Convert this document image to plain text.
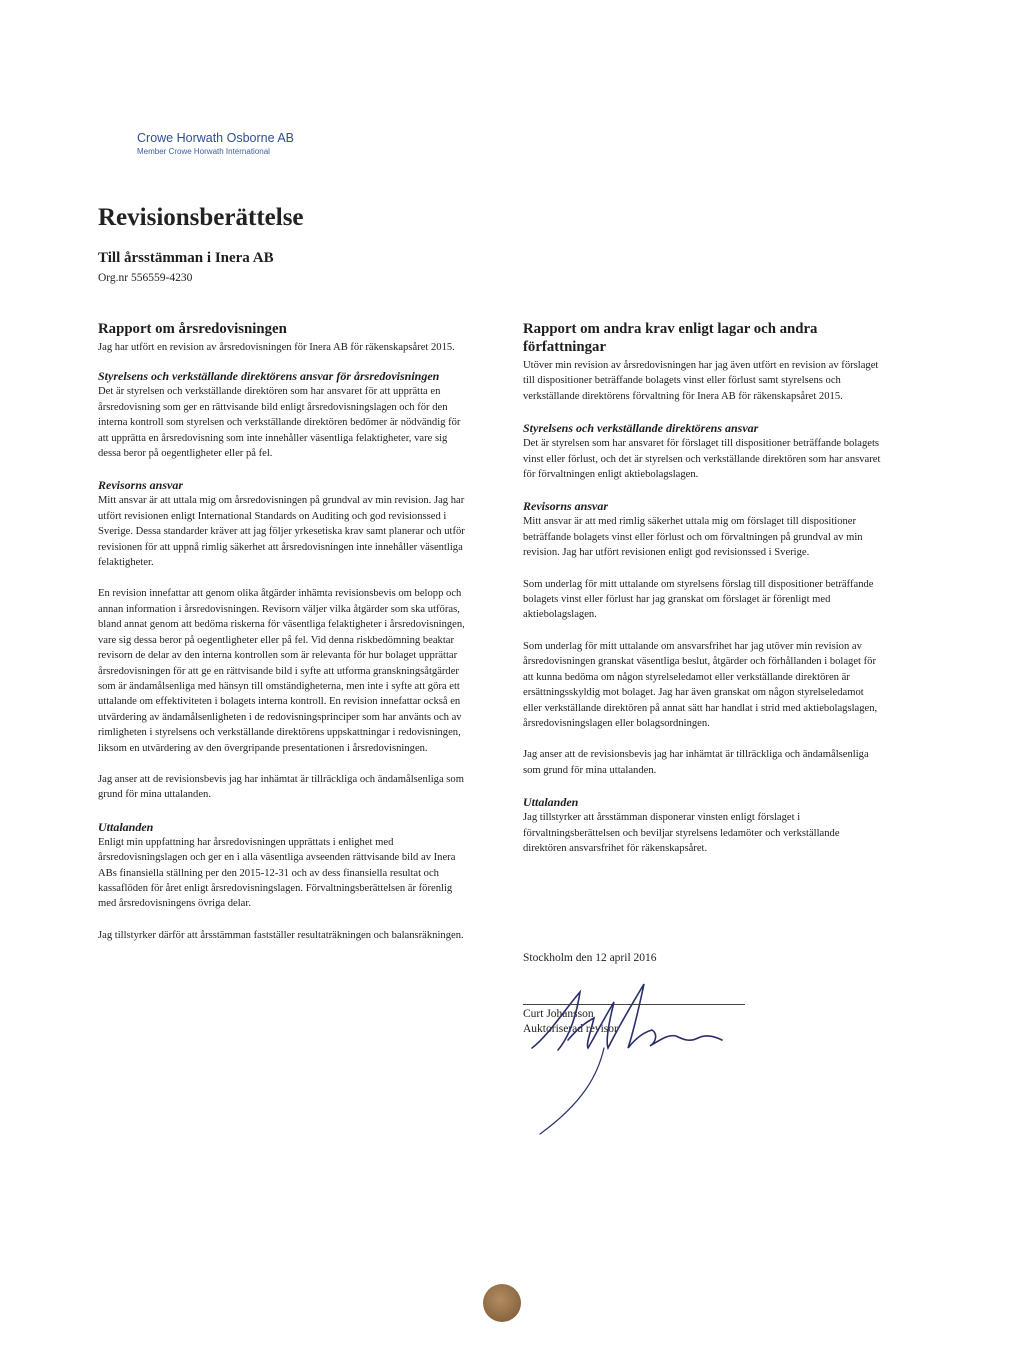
Crowe Horwath Osborne AB
Member Crowe Horwath International
Revisionsberättelse

Till årsstämman i Inera AB

Org.nr 556559-4230

Rapport om årsredovisningen

Jag har utfört en revision av årsredovisningen för Inera AB för räkenskapsåret 2015.

Styrelsens och verkställande direktörens ansvar för årsredovisningen

Det är styrelsen och verkställande direktören som har ansvaret för att upprätta en årsredovisning som ger en rättvisande bild enligt årsredovisningslagen och för den interna kontroll som styrelsen och verkställande direktören bedömer är nödvändig för att upprätta en årsredovisning som inte innehåller väsentliga felaktigheter, vare sig dessa beror på oegentligheter eller på fel.

Revisorns ansvar

Mitt ansvar är att uttala mig om årsredovisningen på grundval av min revision. Jag har utfört revisionen enligt International Standards on Auditing och god revisionssed i Sverige. Dessa standarder kräver att jag följer yrkesetiska krav samt planerar och utför revisionen för att uppnå rimlig säkerhet att årsredovisningen inte innehåller väsentliga felaktigheter.

En revision innefattar att genom olika åtgärder inhämta revisionsbevis om belopp och annan information i årsredovisningen. Revisorn väljer vilka åtgärder som ska utföras, bland annat genom att bedöma riskerna för väsentliga felaktigheter i årsredovisningen, vare sig dessa beror på oegentligheter eller på fel. Vid denna riskbedömning beaktar revisorn de delar av den interna kontrollen som är relevanta för hur bolaget upprättar årsredovisningen för att ge en rättvisande bild i syfte att utforma granskningsåtgärder som är ändamålsenliga med hänsyn till omständigheterna, men inte i syfte att göra ett uttalande om effektiviteten i bolagets interna kontroll. En revision innefattar också en utvärdering av ändamålsenligheten i de redovisningsprinciper som har använts och av rimligheten i styrelsens och verkställande direktörens uppskattningar i redovisningen, liksom en utvärdering av den övergripande presentationen i årsredovisningen.

Jag anser att de revisionsbevis jag har inhämtat är tillräckliga och ändamålsenliga som grund för mina uttalanden.

Uttalanden

Enligt min uppfattning har årsredovisningen upprättats i enlighet med årsredovisningslagen och ger en i alla väsentliga avseenden rättvisande bild av Inera ABs finansiella ställning per den 2015-12-31 och av dess finansiella resultat och kassaflöden för året enligt årsredovisningslagen. Förvaltningsberättelsen är förenlig med årsredovisningens övriga delar.

Jag tillstyrker därför att årsstämman fastställer resultaträkningen och balansräkningen.

Rapport om andra krav enligt lagar och andra författningar

Utöver min revision av årsredovisningen har jag även utfört en revision av förslaget till dispositioner beträffande bolagets vinst eller förlust samt styrelsens och verkställande direktörens förvaltning för Inera AB för räkenskapsåret 2015.

Styrelsens och verkställande direktörens ansvar

Det är styrelsen som har ansvaret för förslaget till dispositioner beträffande bolagets vinst eller förlust, och det är styrelsen och verkställande direktören som har ansvaret för förvaltningen enligt aktiebolagslagen.

Revisorns ansvar

Mitt ansvar är att med rimlig säkerhet uttala mig om förslaget till dispositioner beträffande bolagets vinst eller förlust och om förvaltningen på grundval av min revision. Jag har utfört revisionen enligt god revisionssed i Sverige.

Som underlag för mitt uttalande om styrelsens förslag till dispositioner beträffande bolagets vinst eller förlust har jag granskat om förslaget är förenligt med aktiebolagslagen.

Som underlag för mitt uttalande om ansvarsfrihet har jag utöver min revision av årsredovisningen granskat väsentliga beslut, åtgärder och förhållanden i bolaget för att kunna bedöma om någon styrelseledamot eller verkställande direktören är ersättningsskyldig mot bolaget. Jag har även granskat om någon styrelseledamot eller verkställande direktören på annat sätt har handlat i strid med aktiebolagslagen, årsredovisningslagen eller bolagsordningen.

Jag anser att de revisionsbevis jag har inhämtat är tillräckliga och ändamålsenliga som grund för mina uttalanden.

Uttalanden

Jag tillstyrker att årsstämman disponerar vinsten enligt förslaget i förvaltningsberättelsen och beviljar styrelsens ledamöter och verkställande direktören ansvarsfrihet för räkenskapsåret.

Stockholm den 12 april 2016

Curt Johansson
Auktoriserad revisor
